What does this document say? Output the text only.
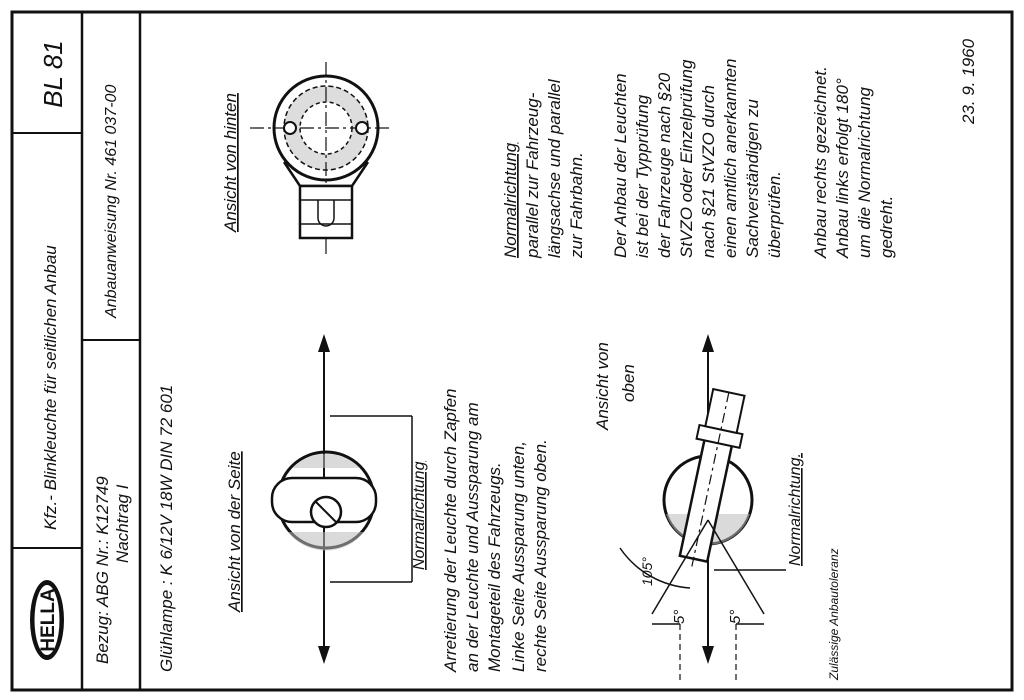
HELLA
BL 81
Kfz.- Blinkleuchte für seitlichen Anbau
Bezug: ABG Nr.: K12749 Nachtrag I
Anbauanweisung Nr. 461 037-00
Glühlampe : K 6/12V 18W DIN 72 601	Ansicht von der Seite	Normalrichtung
Ansicht von hinten
Arretierung der Leuchte durch Zapfen an der Leuchte und Aussparung am Montageteil des Fahrzeugs. Linke Seite Aussparung unten, rechte Seite Aussparung oben.
Ansicht von oben
105°
5°	5°
Normalrichtung.
Zulässige Anbautoleranz
Normalrichtung parallel zur Fahrzeug- längsachse und parallel zur Fahrbahn. Der Anbau der Leuchten ist bei der Typprüfung der Fahrzeuge nach §20 StVZO oder Einzelprüfung nach §21 StVZO durch einen amtlich anerkannten Sachverständigen zu überprüfen. Anbau rechts gezeichnet. Anbau links erfolgt 180° um die Normalrichtung gedreht.
23. 9. 1960
